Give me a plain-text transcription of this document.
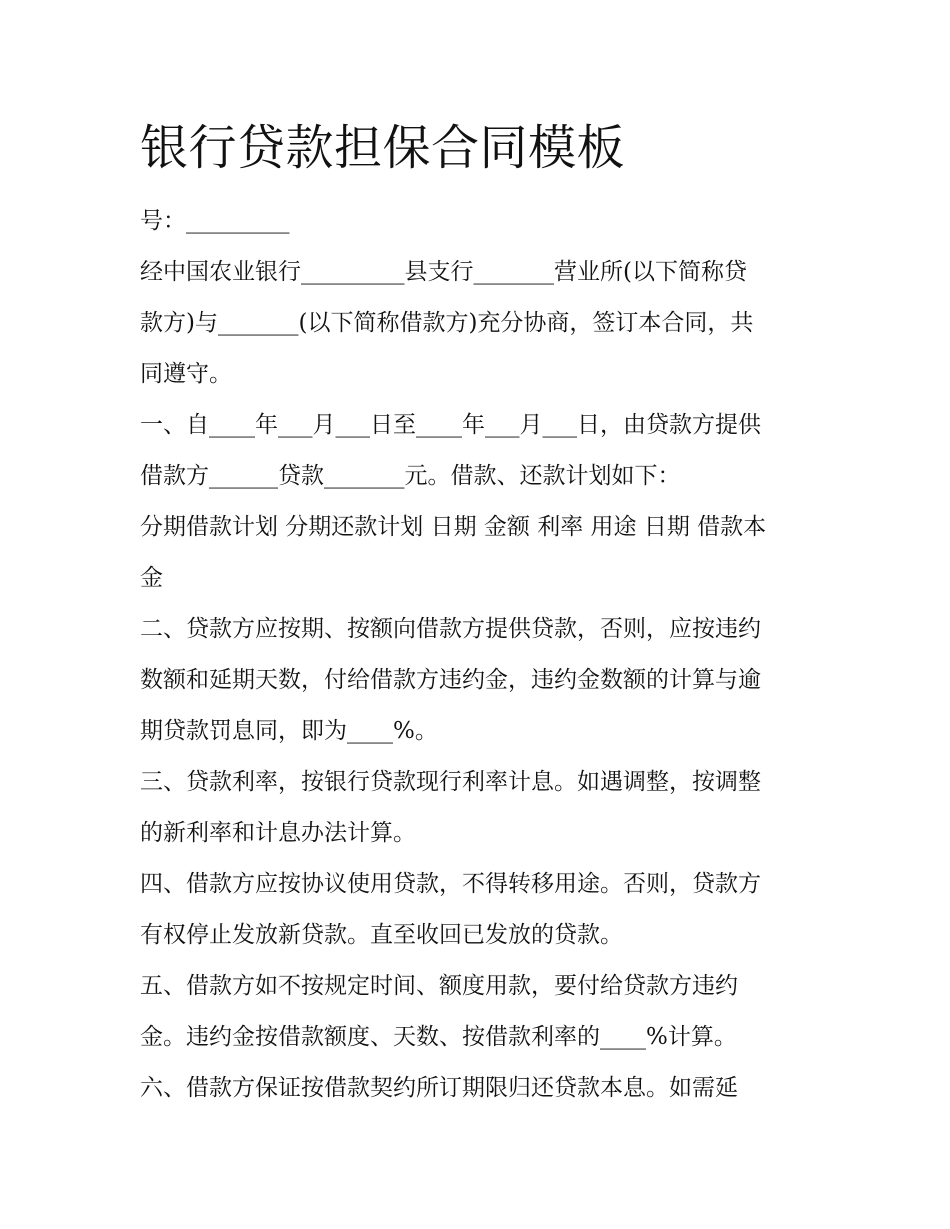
银行贷款担保合同模板
号：_________
经中国农业银行_________县支行_______营业所(以下简称贷
款方)与_______(以下简称借款方)充分协商，签订本合同，共
同遵守。
一、自____年___月___日至____年___月___日，由贷款方提供
借款方______贷款_______元。借款、还款计划如下：
分期借款计划 分期还款计划 日期 金额 利率 用途 日期 借款本
金
二、贷款方应按期、按额向借款方提供贷款，否则，应按违约
数额和延期天数，付给借款方违约金，违约金数额的计算与逾
期贷款罚息同，即为____%。
三、贷款利率，按银行贷款现行利率计息。如遇调整，按调整
的新利率和计息办法计算。
四、借款方应按协议使用贷款，不得转移用途。否则，贷款方
有权停止发放新贷款。直至收回已发放的贷款。
五、借款方如不按规定时间、额度用款，要付给贷款方违约
金。违约金按借款额度、天数、按借款利率的____%计算。
六、借款方保证按借款契约所订期限归还贷款本息。如需延
